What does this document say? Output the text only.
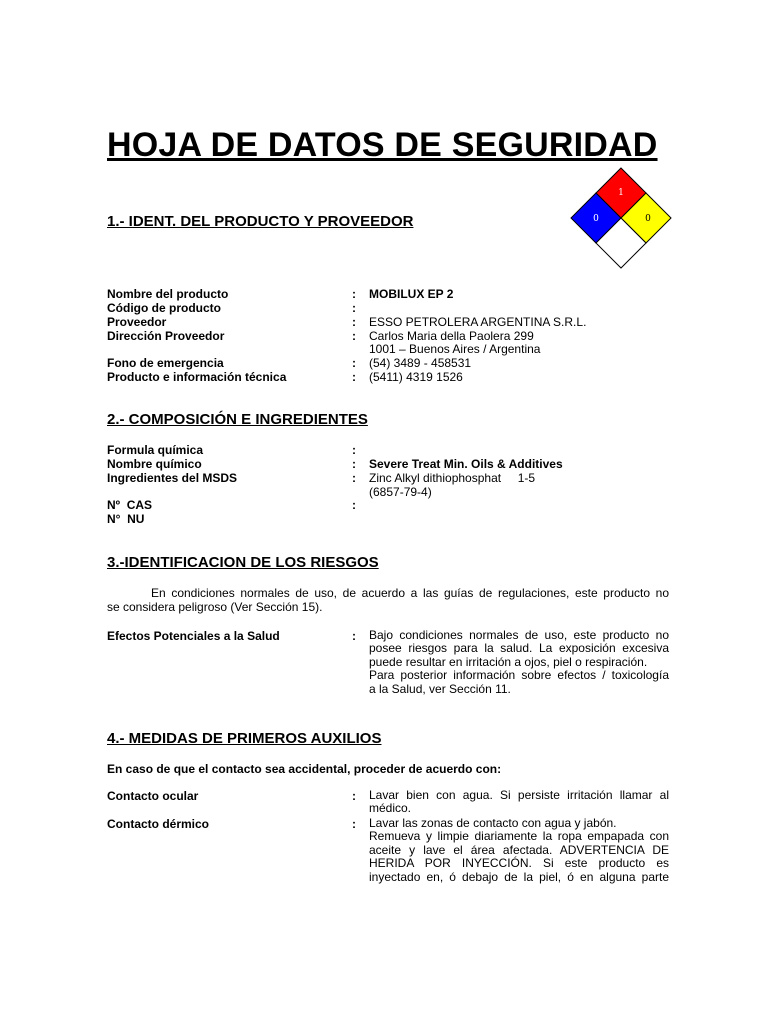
HOJA DE DATOS DE SEGURIDAD
1
0	0
1.- IDENT. DEL PRODUCTO Y PROVEEDOR
Nombre del producto	: MOBILUX EP 2
Código de producto	:
Proveedor	: ESSO PETROLERA ARGENTINA S.R.L.
Dirección Proveedor	: Carlos Maria della Paolera 299
1001 – Buenos Aires / Argentina
Fono de emergencia	: (54) 3489 - 458531
Producto e información técnica	: (5411) 4319 1526
2.- COMPOSICIÓN E INGREDIENTES
Formula química	:
Nombre químico	: Severe Treat Min. Oils & Additives
Ingredientes del MSDS	: Zinc Alkyl dithiophosphat     1-5
(6857-79-4)
Nº  CAS	:
N°  NU
3.-IDENTIFICACION DE LOS RIESGOS
En condiciones normales de uso, de acuerdo a las guías de regulaciones, este producto no
se considera peligroso (Ver Sección 15).
Efectos Potenciales a la Salud	: Bajo condiciones normales de uso, este producto no
posee riesgos para la salud. La exposición excesiva
puede resultar en irritación a ojos, piel o respiración.
Para posterior información sobre efectos / toxicología
a la Salud, ver Sección 11.
4.- MEDIDAS DE PRIMEROS AUXILIOS
En caso de que el contacto sea accidental, proceder de acuerdo con:
Contacto ocular	: Lavar bien con agua. Si persiste irritación llamar al
médico.
Contacto dérmico	: Lavar las zonas de contacto con agua y jabón.
Remueva y limpie diariamente la ropa empapada con
aceite y lave el área afectada. ADVERTENCIA DE
HERIDA POR INYECCIÓN. Si este producto es
inyectado en, ó debajo de la piel, ó en alguna parte
